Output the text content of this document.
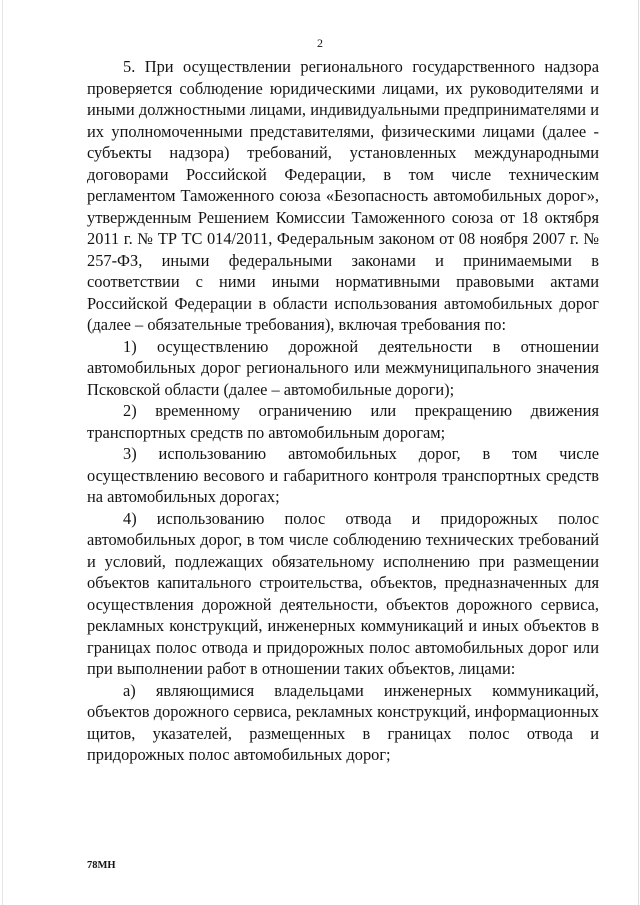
2

5. При осуществлении регионального государственного надзора проверяется соблюдение юридическими лицами, их руководителями и иными должностными лицами, индивидуальными предпринимателями и их уполномоченными представителями, физическими лицами (далее - субъекты надзора) требований, установленных международными договорами Российской Федерации, в том числе техническим регламентом Таможенного союза «Безопасность автомобильных дорог», утвержденным Решением Комиссии Таможенного союза от 18 октября 2011 г. № ТР ТС 014/2011, Федеральным законом от 08 ноября 2007 г. № 257-ФЗ, иными федеральными законами и принимаемыми в соответствии с ними иными нормативными правовыми актами Российской Федерации в области использования автомобильных дорог (далее – обязательные требования), включая требования по:

1) осуществлению дорожной деятельности в отношении автомобильных дорог регионального или межмуниципального значения Псковской области (далее – автомобильные дороги);

2) временному ограничению или прекращению движения транспортных средств по автомобильным дорогам;

3) использованию автомобильных дорог, в том числе осуществлению весового и габаритного контроля транспортных средств на автомобильных дорогах;

4) использованию полос отвода и придорожных полос автомобильных дорог, в том числе соблюдению технических требований и условий, подлежащих обязательному исполнению при размещении объектов капитального строительства, объектов, предназначенных для осуществления дорожной деятельности, объектов дорожного сервиса, рекламных конструкций, инженерных коммуникаций и иных объектов в границах полос отвода и придорожных полос автомобильных дорог или при выполнении работ в отношении таких объектов, лицами:

а) являющимися владельцами инженерных коммуникаций, объектов дорожного сервиса, рекламных конструкций, информационных щитов, указателей, размещенных в границах полос отвода и придорожных полос автомобильных дорог;

78МН
